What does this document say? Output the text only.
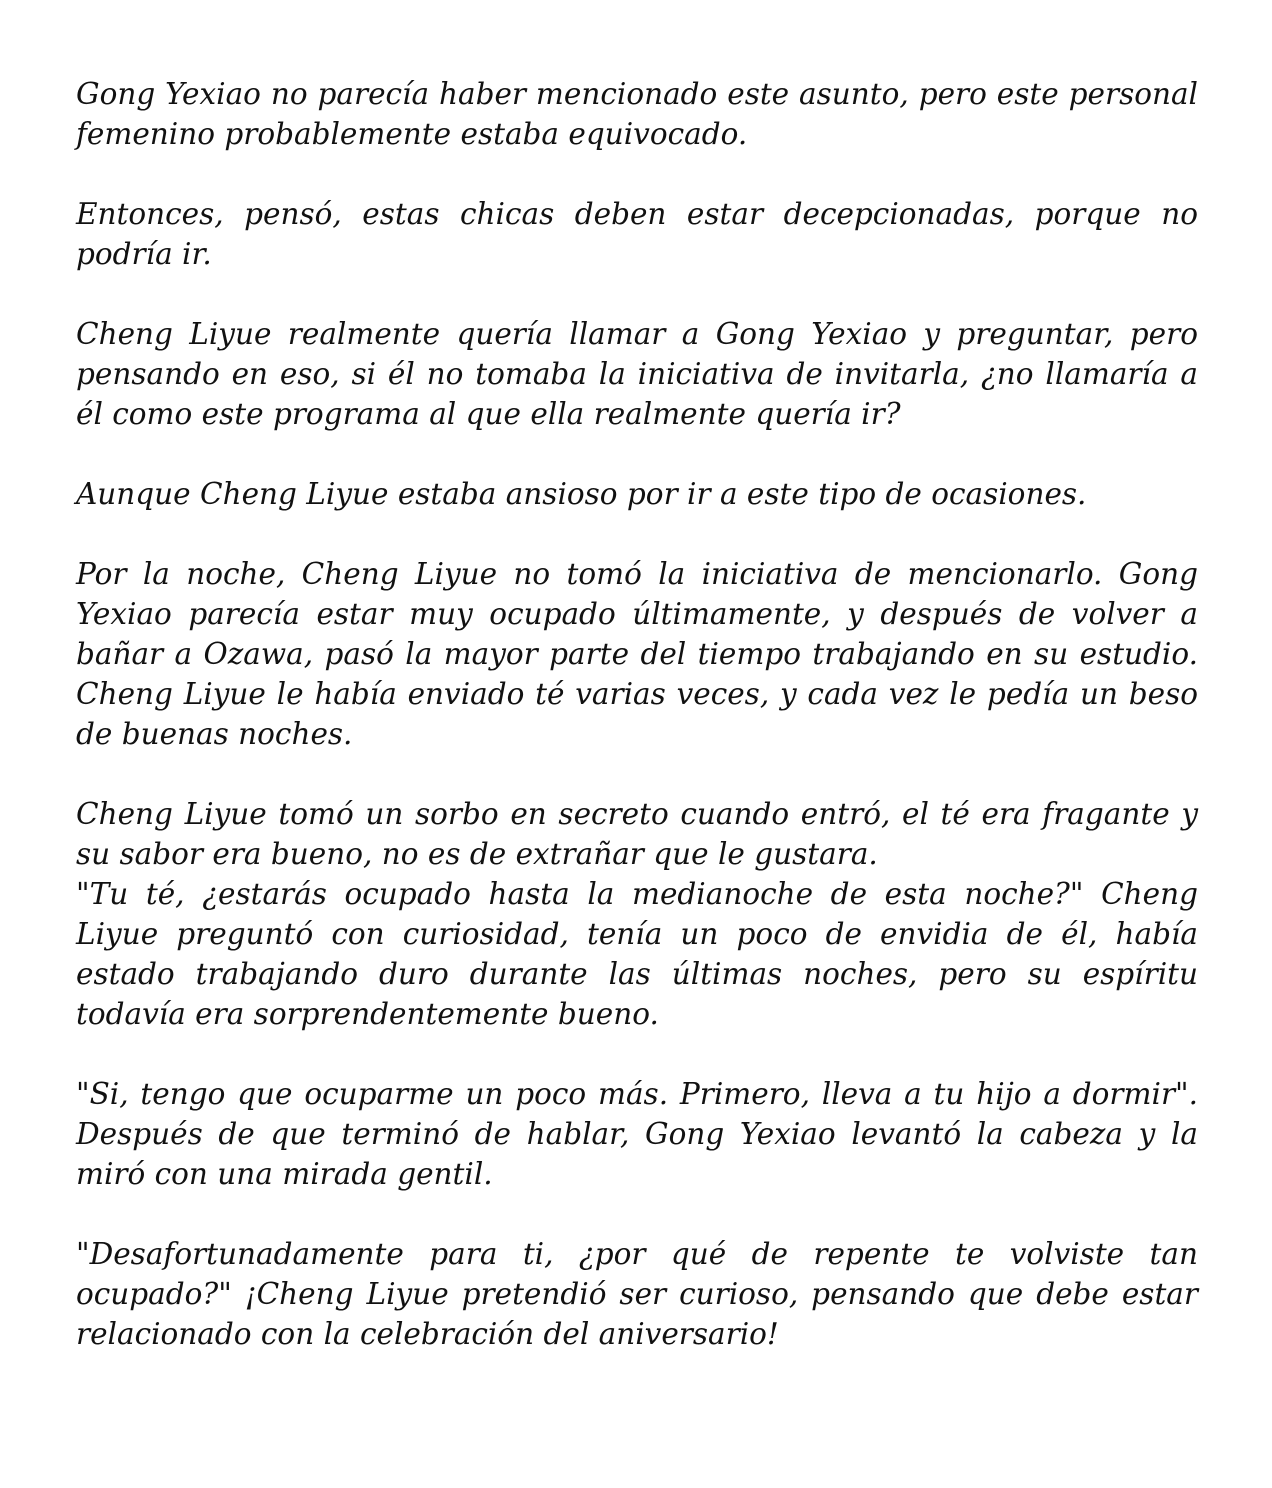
Gong Yexiao no parecía haber mencionado este asunto, pero este personal femenino probablemente estaba equivocado.

Entonces, pensó, estas chicas deben estar decepcionadas, porque no podría ir.

Cheng Liyue realmente quería llamar a Gong Yexiao y preguntar, pero pensando en eso, si él no tomaba la iniciativa de invitarla, ¿no llamaría a él como este programa al que ella realmente quería ir?

Aunque Cheng Liyue estaba ansioso por ir a este tipo de ocasiones.

Por la noche, Cheng Liyue no tomó la iniciativa de mencionarlo. Gong Yexiao parecía estar muy ocupado últimamente, y después de volver a bañar a Ozawa, pasó la mayor parte del tiempo trabajando en su estudio. Cheng Liyue le había enviado té varias veces, y cada vez le pedía un beso de buenas noches.

Cheng Liyue tomó un sorbo en secreto cuando entró, el té era fragante y su sabor era bueno, no es de extrañar que le gustara.

"Tu té, ¿estarás ocupado hasta la medianoche de esta noche?" Cheng Liyue preguntó con curiosidad, tenía un poco de envidia de él, había estado trabajando duro durante las últimas noches, pero su espíritu todavía era sorprendentemente bueno.

"Si, tengo que ocuparme un poco más. Primero, lleva a tu hijo a dormir". Después de que terminó de hablar, Gong Yexiao levantó la cabeza y la miró con una mirada gentil.

"Desafortunadamente para ti, ¿por qué de repente te volviste tan ocupado?" ¡Cheng Liyue pretendió ser curioso, pensando que debe estar relacionado con la celebración del aniversario!
